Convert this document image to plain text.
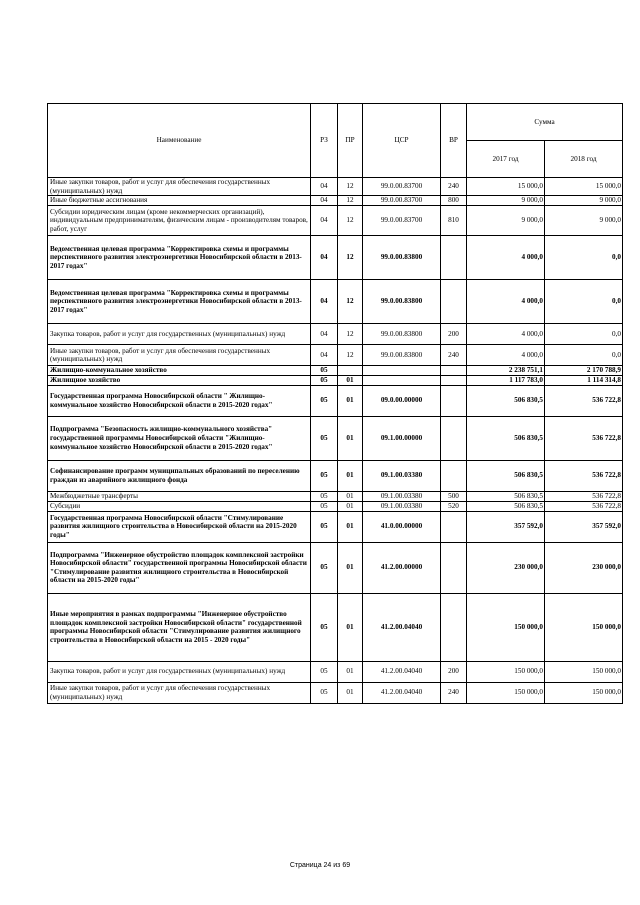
Наименование	РЗ	ПР	ЦСР	ВР	Сумма	
					2017 год	2018 год
Иные закупки товаров, работ и услуг для обеспечения государственных (муниципальных) нужд	04	12	99.0.00.83700	240	15 000,0	15 000,0
Иные бюджетные ассигнования	04	12	99.0.00.83700	800	9 000,0	9 000,0
Субсидии юридическим лицам (кроме некоммерческих организаций), индивидуальным предпринимателям, физическим лицам - производителям товаров, работ, услуг	04	12	99.0.00.83700	810	9 000,0	9 000,0
Ведомственная целевая программа "Корректировка схемы и программы перспективного развития электроэнергетики Новосибирской области в 2013-2017 годах"	04	12	99.0.00.83800		4 000,0	0,0
Ведомственная целевая программа "Корректировка схемы и программы перспективного развития электроэнергетики Новосибирской области в 2013-2017 годах"	04	12	99.0.00.83800		4 000,0	0,0
Закупка товаров, работ и услуг для государственных (муниципальных) нужд	04	12	99.0.00.83800	200	4 000,0	0,0
Иные закупки товаров, работ и услуг для обеспечения государственных (муниципальных) нужд	04	12	99.0.00.83800	240	4 000,0	0,0
Жилищно-коммунальное хозяйство	05				2 238 751,1	2 170 788,9
Жилищное хозяйство	05	01			1 117 783,0	1 114 314,8
Государственная программа Новосибирской области " Жилищно-коммунальное хозяйство Новосибирской области в 2015-2020 годах"	05	01	09.0.00.00000		506 830,5	536 722,8
Подпрограмма "Безопасность жилищно-коммунального хозяйства" государственной программы Новосибирской области "Жилищно-коммунальное хозяйство Новосибирской области в 2015-2020 годах"	05	01	09.1.00.00000		506 830,5	536 722,8
Софинансирование программ муниципальных образований по переселению граждан из аварийного жилищного фонда	05	01	09.1.00.03380		506 830,5	536 722,8
Межбюджетные трансферты	05	01	09.1.00.03380	500	506 830,5	536 722,8
Субсидии	05	01	09.1.00.03380	520	506 830,5	536 722,8
Государственная программа Новосибирской области "Стимулирование развития жилищного строительства в Новосибирской области на 2015-2020 годы"	05	01	41.0.00.00000		357 592,0	357 592,0
Подпрограмма "Инженерное обустройство площадок комплексной застройки Новосибирской области" государственной программы Новосибирской области "Стимулирование развития жилищного строительства в Новосибирской области на 2015-2020 годы"	05	01	41.2.00.00000		230 000,0	230 000,0
Иные мероприятия в рамках подпрограммы "Инженерное обустройство площадок комплексной застройки Новосибирской области" государственной программы Новосибирской области "Стимулирование развития жилищного строительства в Новосибирской области на 2015 - 2020 годы"	05	01	41.2.00.04040		150 000,0	150 000,0
Закупка товаров, работ и услуг для государственных (муниципальных) нужд	05	01	41.2.00.04040	200	150 000,0	150 000,0
Иные закупки товаров, работ и услуг для обеспечения государственных (муниципальных) нужд	05	01	41.2.00.04040	240	150 000,0	150 000,0
Страница 24 из 69
